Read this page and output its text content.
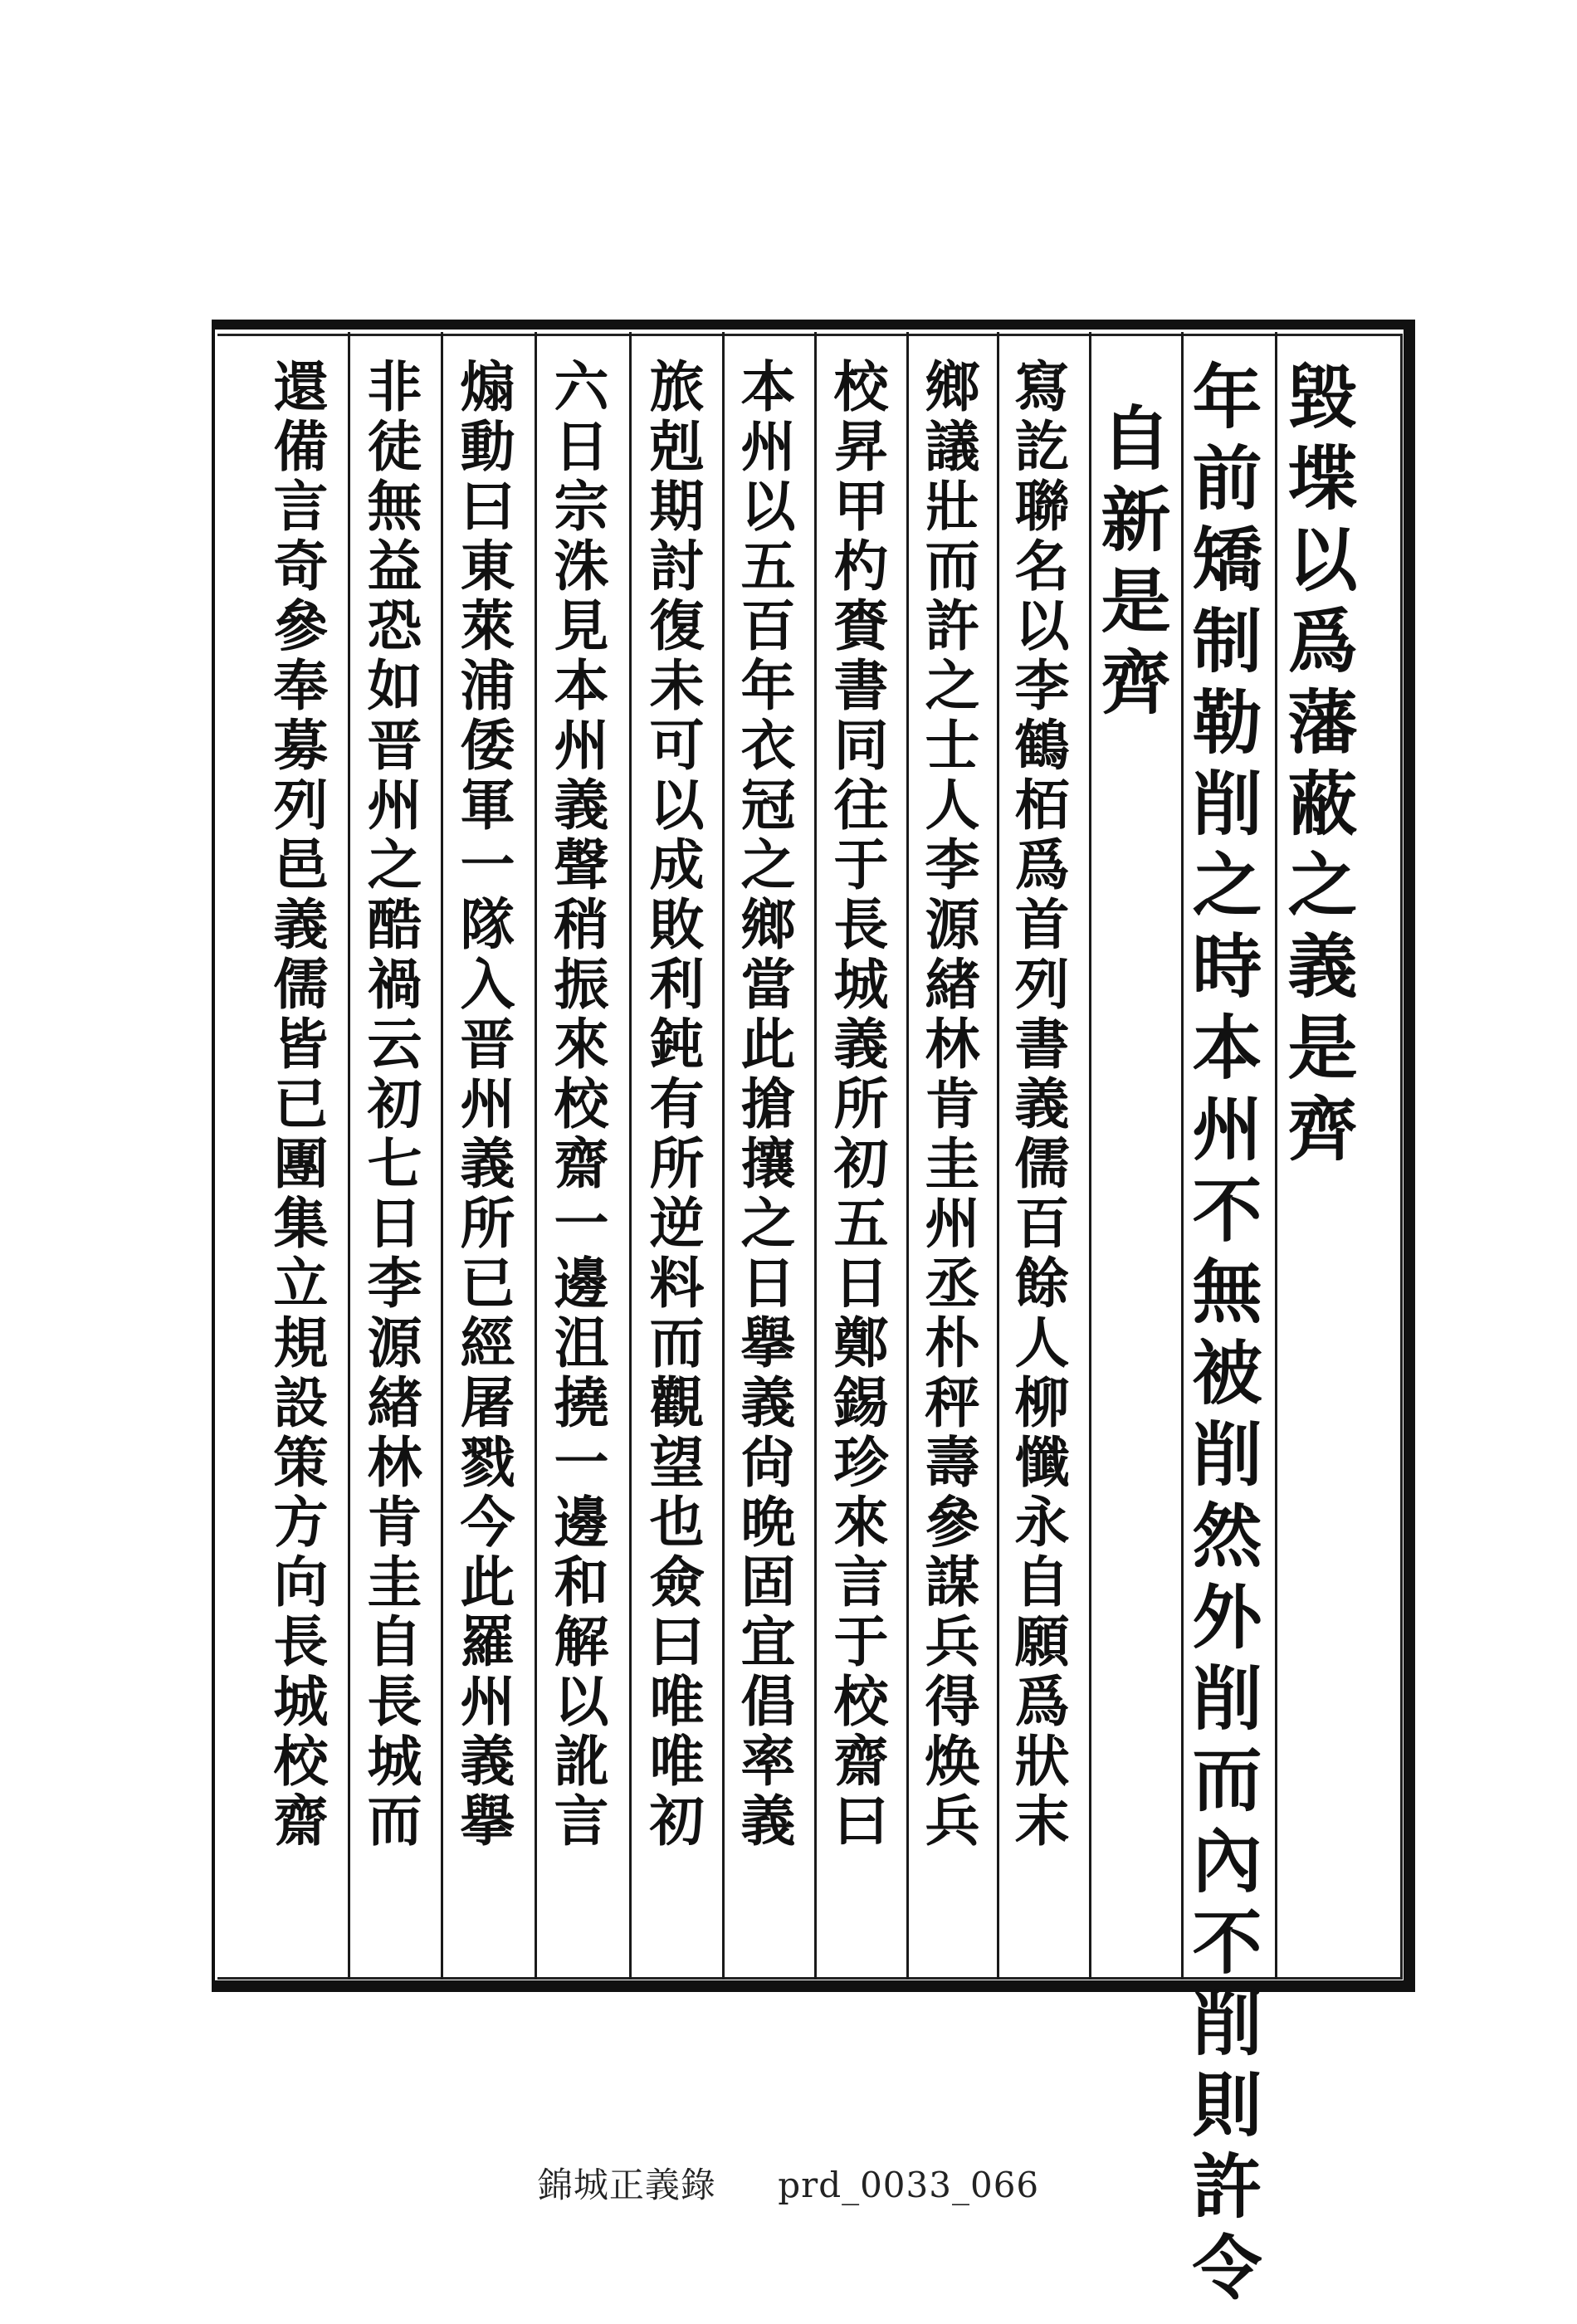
毀
堞
以
爲
藩
蔽
之
義
是
齊
年
前
矯
制
勒
削
之
時
本
州
不
無
被
削
然
外
削
而
內
不
削
則
許
令
自
新
是
齊
寫
訖
聯
名
以
李
鶴
栢
爲
首
列
書
義
儒
百
餘
人
柳
懺
永
自
願
爲
狀
末
鄉
議
壯
而
許
之
士
人
李
源
緖
林
肯
圭
州
丞
朴
秤
壽
參
謀
兵
得
焕
兵
校
昇
甲
杓
賚
書
同
往
于
長
城
義
所
初
五
日
鄭
錫
珍
來
言
于
校
齋
曰
本
州
以
五
百
年
衣
冠
之
鄉
當
此
搶
攘
之
日
擧
義
尙
晩
固
宜
倡
率
義
旅
剋
期
討
復
未
可
以
成
敗
利
鈍
有
所
逆
料
而
觀
望
也
僉
曰
唯
唯
初
六
日
宗
洙
見
本
州
義
聲
稍
振
來
校
齋
一
邊
沮
撓
一
邊
和
解
以
訛
言
煽
動
曰
東
萊
浦
倭
軍
一
隊
入
晋
州
義
所
已
經
屠
戮
今
此
羅
州
義
擧
非
徒
無
益
恐
如
晋
州
之
酷
禍
云
初
七
日
李
源
緖
林
肯
圭
自
長
城
而
還
備
言
奇
參
奉
募
列
邑
義
儒
皆
已
團
集
立
規
設
策
方
向
長
城
校
齋
錦城正義錄 prd_0033_066
